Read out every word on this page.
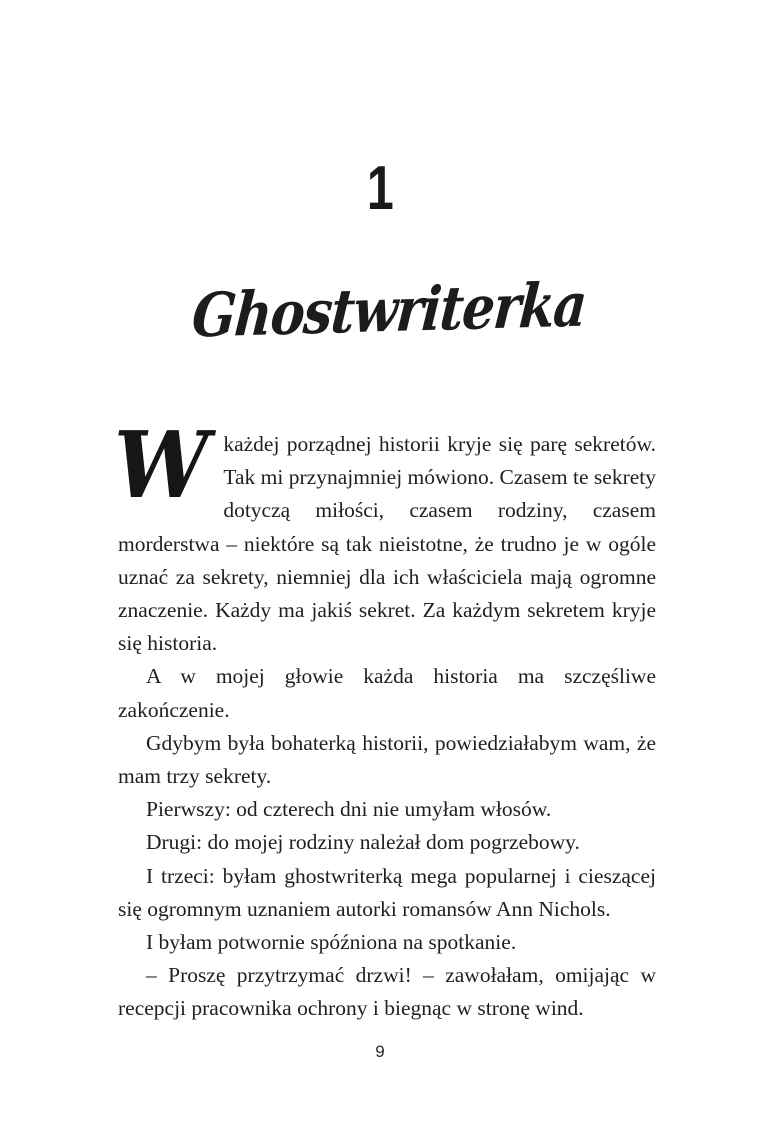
1
Ghostwriterka
W każdej porządnej historii kryje się parę sekretów. Tak mi przynajmniej mówiono. Czasem te sekrety dotyczą miłości, czasem rodziny, czasem morderstwa – niektóre są tak nieistotne, że trudno je w ogóle uznać za sekrety, niemniej dla ich właściciela mają ogromne znaczenie. Każdy ma jakiś sekret. Za każdym sekretem kryje się historia.

A w mojej głowie każda historia ma szczęśliwe zakończenie.

Gdybym była bohaterką historii, powiedziałabym wam, że mam trzy sekrety.

Pierwszy: od czterech dni nie umyłam włosów.

Drugi: do mojej rodziny należał dom pogrzebowy.

I trzeci: byłam ghostwriterką mega popularnej i cieszącej się ogromnym uznaniem autorki romansów Ann Nichols.

I byłam potwornie spóźniona na spotkanie.

– Proszę przytrzymać drzwi! – zawołałam, omijając w recepcji pracownika ochrony i biegnąc w stronę wind.

9
